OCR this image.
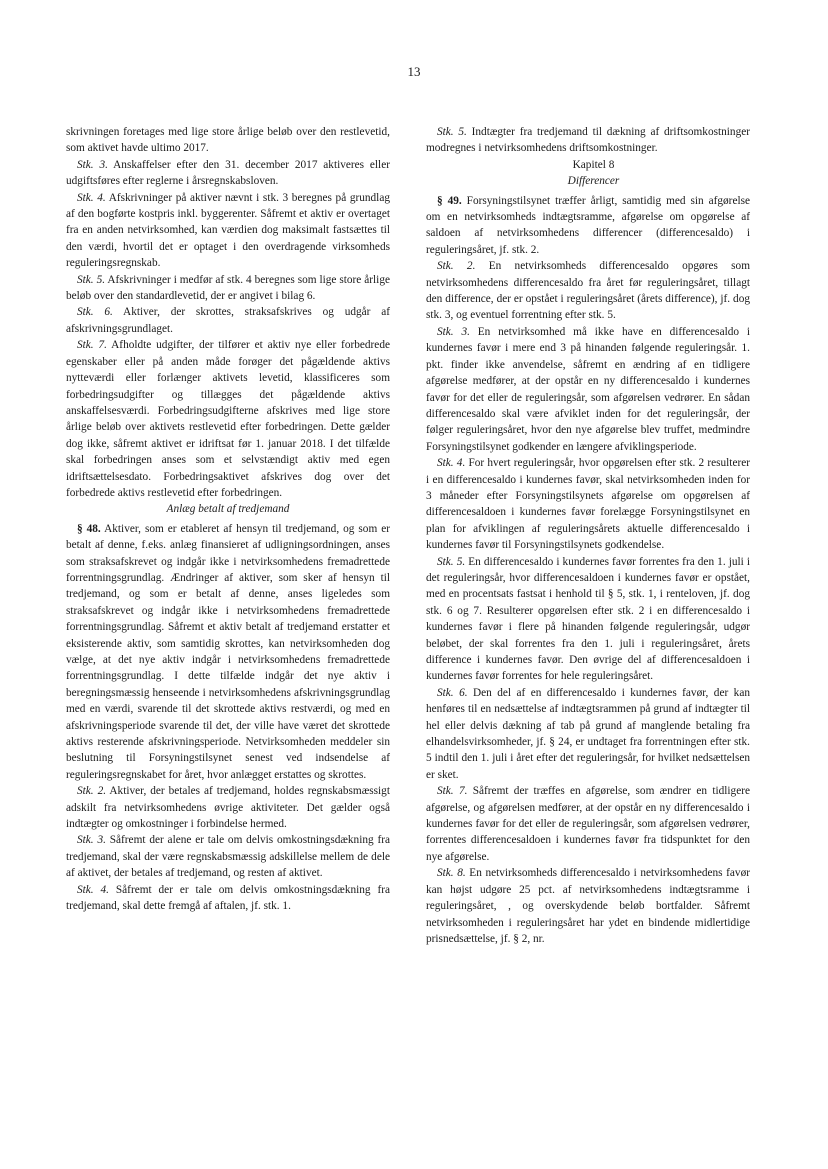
13

skrivningen foretages med lige store årlige beløb over den restlevetid, som aktivet havde ultimo 2017.

Stk. 3. Anskaffelser efter den 31. december 2017 aktiveres eller udgiftsføres efter reglerne i årsregnskabsloven.

Stk. 4. Afskrivninger på aktiver nævnt i stk. 3 beregnes på grundlag af den bogførte kostpris inkl. byggerenter. Såfremt et aktiv er overtaget fra en anden netvirksomhed, kan værdien dog maksimalt fastsættes til den værdi, hvortil det er optaget i den overdragende virksomheds reguleringsregnskab.

Stk. 5. Afskrivninger i medfør af stk. 4 beregnes som lige store årlige beløb over den standardlevetid, der er angivet i bilag 6.

Stk. 6. Aktiver, der skrottes, straksafskrives og udgår af afskrivningsgrundlaget.

Stk. 7. Afholdte udgifter, der tilfører et aktiv nye eller forbedrede egenskaber eller på anden måde forøger det pågældende aktivs nytteværdi eller forlænger aktivets levetid, klassificeres som forbedringsudgifter og tillægges det pågældende aktivs anskaffelsesværdi. Forbedringsudgifterne afskrives med lige store årlige beløb over aktivets restlevetid efter forbedringen. Dette gælder dog ikke, såfremt aktivet er idriftsat før 1. januar 2018. I det tilfælde skal forbedringen anses som et selvstændigt aktiv med egen idriftsættelsesdato. Forbedringsaktivet afskrives dog over det forbedrede aktivs restlevetid efter forbedringen.

Anlæg betalt af tredjemand

§ 48. Aktiver, som er etableret af hensyn til tredjemand, og som er betalt af denne, f.eks. anlæg finansieret af udligningsordningen, anses som straksafskrevet og indgår ikke i netvirksomhedens fremadrettede forrentningsgrundlag. Ændringer af aktiver, som sker af hensyn til tredjemand, og som er betalt af denne, anses ligeledes som straksafskrevet og indgår ikke i netvirksomhedens fremadrettede forrentningsgrundlag. Såfremt et aktiv betalt af tredjemand erstatter et eksisterende aktiv, som samtidig skrottes, kan netvirksomheden dog vælge, at det nye aktiv indgår i netvirksomhedens fremadrettede forrentningsgrundlag. I dette tilfælde indgår det nye aktiv i beregningsmæssig henseende i netvirksomhedens afskrivningsgrundlag med en værdi, svarende til det skrottede aktivs restværdi, og med en afskrivningsperiode svarende til det, der ville have været det skrottede aktivs resterende afskrivningsperiode. Netvirksomheden meddeler sin beslutning til Forsyningstilsynet senest ved indsendelse af reguleringsregnskabet for året, hvor anlægget erstattes og skrottes.

Stk. 2. Aktiver, der betales af tredjemand, holdes regnskabsmæssigt adskilt fra netvirksomhedens øvrige aktiviteter. Det gælder også indtægter og omkostninger i forbindelse hermed.

Stk. 3. Såfremt der alene er tale om delvis omkostningsdækning fra tredjemand, skal der være regnskabsmæssig adskillelse mellem de dele af aktivet, der betales af tredjemand, og resten af aktivet.

Stk. 4. Såfremt der er tale om delvis omkostningsdækning fra tredjemand, skal dette fremgå af aftalen, jf. stk. 1.

Stk. 5. Indtægter fra tredjemand til dækning af driftsomkostninger modregnes i netvirksomhedens driftsomkostninger.

Kapitel 8

Differencer

§ 49. Forsyningstilsynet træffer årligt, samtidig med sin afgørelse om en netvirksomheds indtægtsramme, afgørelse om opgørelse af saldoen af netvirksomhedens differencer (differencesaldo) i reguleringsåret, jf. stk. 2.

Stk. 2. En netvirksomheds differencesaldo opgøres som netvirksomhedens differencesaldo fra året før reguleringsåret, tillagt den difference, der er opstået i reguleringsåret (årets difference), jf. dog stk. 3, og eventuel forrentning efter stk. 5.

Stk. 3. En netvirksomhed må ikke have en differencesaldo i kundernes favør i mere end 3 på hinanden følgende reguleringsår. 1. pkt. finder ikke anvendelse, såfremt en ændring af en tidligere afgørelse medfører, at der opstår en ny differencesaldo i kundernes favør for det eller de reguleringsår, som afgørelsen vedrører. En sådan differencesaldo skal være afviklet inden for det reguleringsår, der følger reguleringsåret, hvor den nye afgørelse blev truffet, medmindre Forsyningstilsynet godkender en længere afviklingsperiode.

Stk. 4. For hvert reguleringsår, hvor opgørelsen efter stk. 2 resulterer i en differencesaldo i kundernes favør, skal netvirksomheden inden for 3 måneder efter Forsyningstilsynets afgørelse om opgørelsen af differencesaldoen i kundernes favør forelægge Forsyningstilsynet en plan for afviklingen af reguleringsårets aktuelle differencesaldo i kundernes favør til Forsyningstilsynets godkendelse.

Stk. 5. En differencesaldo i kundernes favør forrentes fra den 1. juli i det reguleringsår, hvor differencesaldoen i kundernes favør er opstået, med en procentsats fastsat i henhold til § 5, stk. 1, i renteloven, jf. dog stk. 6 og 7. Resulterer opgørelsen efter stk. 2 i en differencesaldo i kundernes favør i flere på hinanden følgende reguleringsår, udgør beløbet, der skal forrentes fra den 1. juli i reguleringsåret, årets difference i kundernes favør. Den øvrige del af differencesaldoen i kundernes favør forrentes for hele reguleringsåret.

Stk. 6. Den del af en differencesaldo i kundernes favør, der kan henføres til en nedsættelse af indtægtsrammen på grund af indtægter til hel eller delvis dækning af tab på grund af manglende betaling fra elhandelsvirksomheder, jf. § 24, er undtaget fra forrentningen efter stk. 5 indtil den 1. juli i året efter det reguleringsår, for hvilket nedsættelsen er sket.

Stk. 7. Såfremt der træffes en afgørelse, som ændrer en tidligere afgørelse, og afgørelsen medfører, at der opstår en ny differencesaldo i kundernes favør for det eller de reguleringsår, som afgørelsen vedrører, forrentes differencesaldoen i kundernes favør fra tidspunktet for den nye afgørelse.

Stk. 8. En netvirksomheds differencesaldo i netvirksomhedens favør kan højst udgøre 25 pct. af netvirksomhedens indtægtsramme i reguleringsåret, , og overskydende beløb bortfalder. Såfremt netvirksomheden i reguleringsåret har ydet en bindende midlertidige prisnedsættelse, jf. § 2, nr.
